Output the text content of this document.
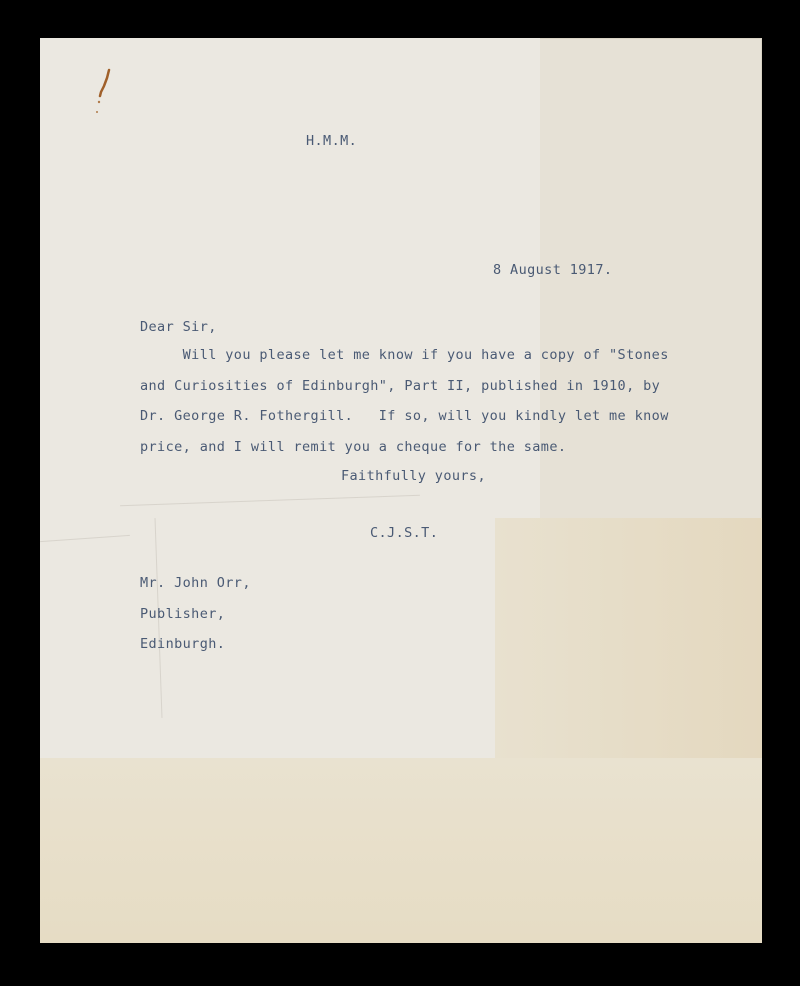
H.M.M.
8 August 1917.
Dear Sir,
Will you please let me know if you have a copy of "Stones
and Curiosities of Edinburgh", Part II, published in 1910, by
Dr. George R. Fothergill.   If so, will you kindly let me know
price, and I will remit you a cheque for the same.
Faithfully yours,
C.J.S.T.
Mr. John Orr,
Publisher,
Edinburgh.
